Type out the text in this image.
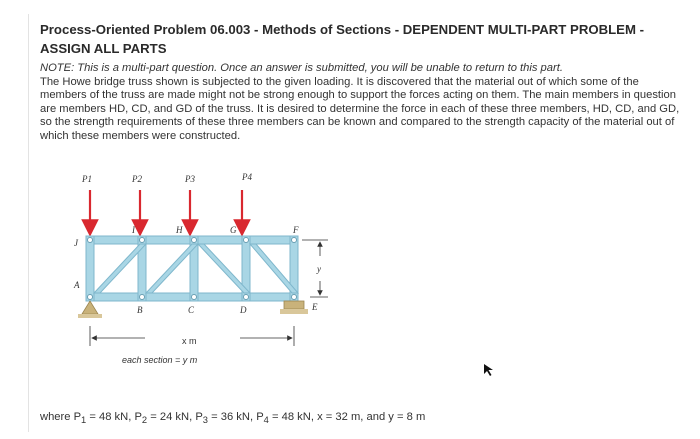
Process-Oriented Problem 06.003 - Methods of Sections - DEPENDENT MULTI-PART PROBLEM - ASSIGN ALL PARTS

NOTE: This is a multi-part question. Once an answer is submitted, you will be unable to return to this part.

The Howe bridge truss shown is subjected to the given loading. It is discovered that the material out of which some of the members of the truss are made might not be strong enough to support the forces acting on them. The main members in question are members HD, CD, and GD of the truss. It is desired to determine the force in each of these three members, HD, CD, and GD, so the strength requirements of these three members can be known and compared to the strength capacity of the material out of which these members were constructed.

P1	P2	P3	P4
J
I	H	G	F
A
B	C	D	E
y
x m
each section = y m
where $P_1 = 48$ kN, $P_2 = 24$ kN, $P_3 = 36$ kN, $P_4 = 48$ kN, x = 32 m, and y = 8 m
